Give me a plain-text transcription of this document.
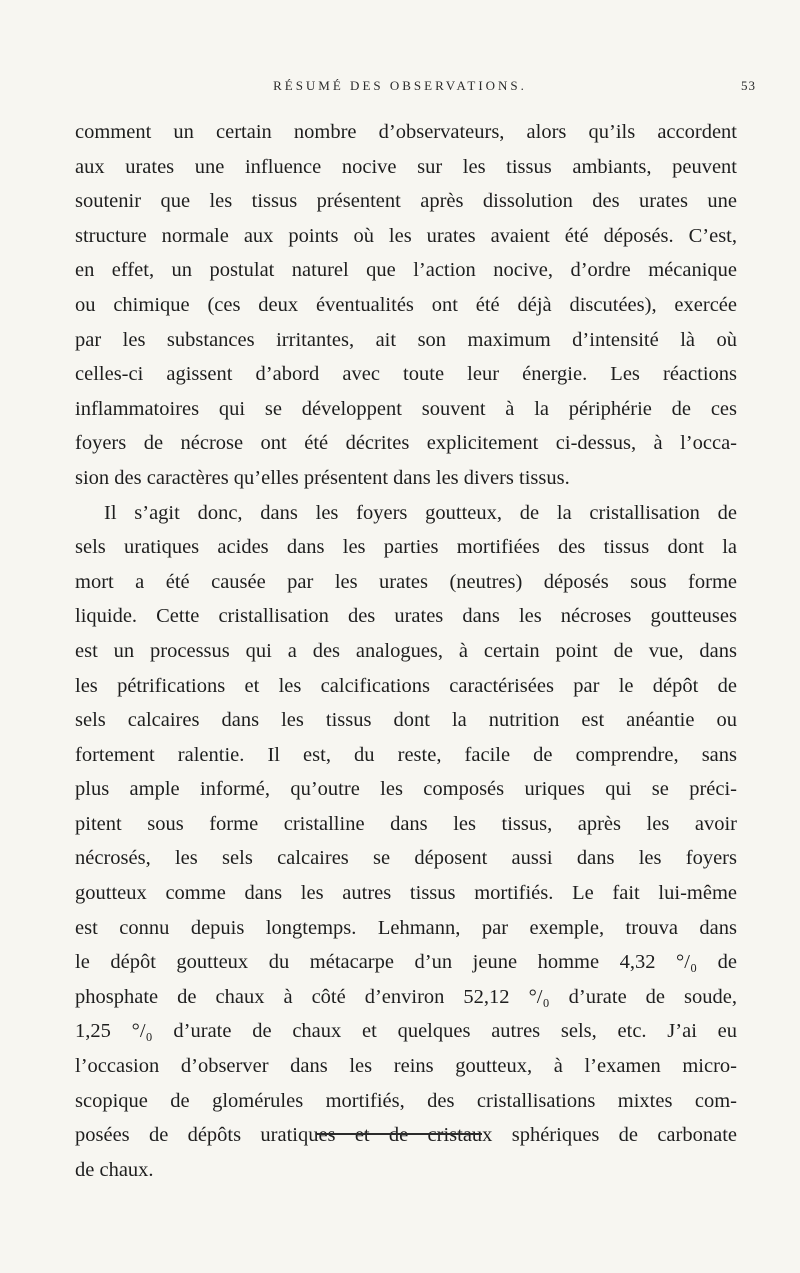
RÉSUMÉ DES OBSERVATIONS.	53
comment un certain nombre d’observateurs, alors qu’ils accordent
aux urates une influence nocive sur les tissus ambiants, peuvent
soutenir que les tissus présentent après dissolution des urates une
structure normale aux points où les urates avaient été déposés. C’est,
en effet, un postulat naturel que l’action nocive, d’ordre mécanique
ou chimique (ces deux éventualités ont été déjà discutées), exercée
par les substances irritantes, ait son maximum d’intensité là où
celles-ci agissent d’abord avec toute leur énergie. Les réactions
inflammatoires qui se développent souvent à la périphérie de ces
foyers de nécrose ont été décrites explicitement ci-dessus, à l’occa-
sion des caractères qu’elles présentent dans les divers tissus.
Il s’agit donc, dans les foyers goutteux, de la cristallisation de
sels uratiques acides dans les parties mortifiées des tissus dont la
mort a été causée par les urates (neutres) déposés sous forme
liquide. Cette cristallisation des urates dans les nécroses goutteuses
est un processus qui a des analogues, à certain point de vue, dans
les pétrifications et les calcifications caractérisées par le dépôt de
sels calcaires dans les tissus dont la nutrition est anéantie ou
fortement ralentie. Il est, du reste, facile de comprendre, sans
plus ample informé, qu’outre les composés uriques qui se préci-
pitent sous forme cristalline dans les tissus, après les avoir
nécrosés, les sels calcaires se déposent aussi dans les foyers
goutteux comme dans les autres tissus mortifiés. Le fait lui-même
est connu depuis longtemps. Lehmann, par exemple, trouva dans
le dépôt goutteux du métacarpe d’un jeune homme 4,32 °/₀ de
phosphate de chaux à côté d’environ 52,12 °/₀ d’urate de soude,
1,25 °/₀ d’urate de chaux et quelques autres sels, etc. J’ai eu
l’occasion d’observer dans les reins goutteux, à l’examen micro-
scopique de glomérules mortifiés, des cristallisations mixtes com-
posées de dépôts uratiques et de cristaux sphériques de carbonate
de chaux.
